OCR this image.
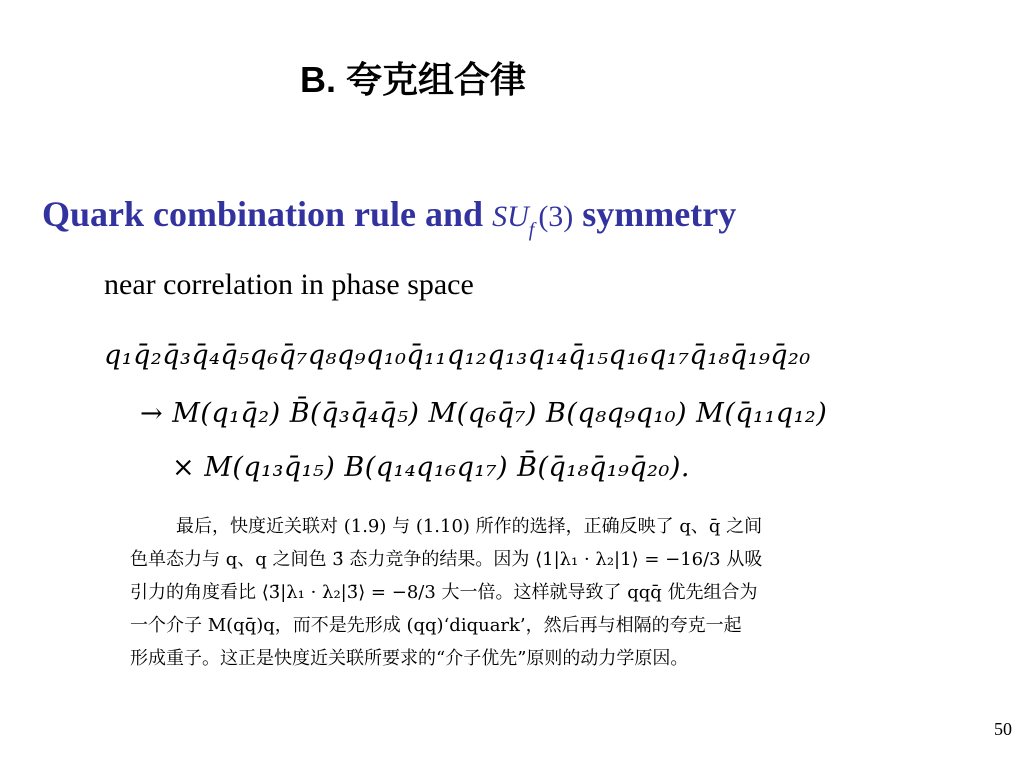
B. 夸克组合律
Quark combination rule and $SU_f$ (3) symmetry
near correlation in phase space
q₁q̄₂q̄₃q̄₄q̄₅q₆q̄₇q₈q₉q₁₀q̄₁₁q₁₂q₁₃q₁₄q̄₁₅q₁₆q₁₇q̄₁₈q̄₁₉q̄₂₀
→ M(q₁q̄₂) B̄(q̄₃q̄₄q̄₅) M(q₆q̄₇) B(q₈q₉q₁₀) M(q̄₁₁q₁₂)
× M(q₁₃q̄₁₅) B(q₁₄q₁₆q₁₇) B̄(q̄₁₈q̄₁₉q̄₂₀).

最后，快度近关联对 (1.9) 与 (1.10) 所作的选择，正确反映了 q、q̄ 之间

色单态力与 q、q 之间色 3̄ 态力竞争的结果。因为 ⟨1|λ₁ · λ₂|1⟩ = −16/3 从吸

引力的角度看比 ⟨3̄|λ₁ · λ₂|3̄⟩ = −8/3 大一倍。这样就导致了 qqq̄ 优先组合为

一个介子 M(qq̄)q，而不是先形成 (qq)‘diquark’，然后再与相隔的夸克一起

形成重子。这正是快度近关联所要求的“介子优先”原则的动力学原因。

50
